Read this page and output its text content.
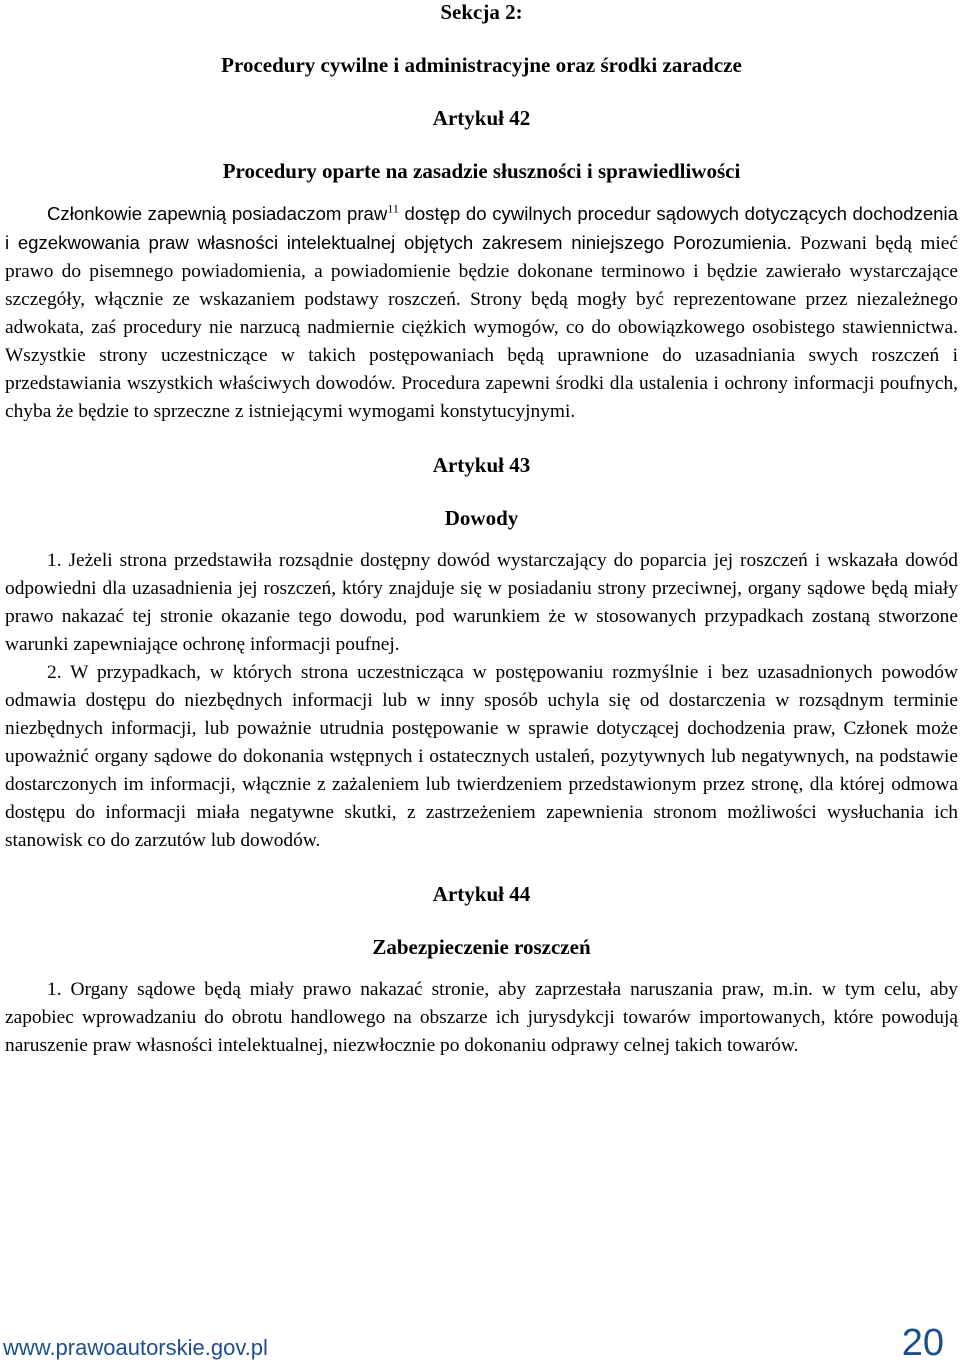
Sekcja 2:

Procedury cywilne i administracyjne oraz środki zaradcze

Artykuł 42

Procedury oparte na zasadzie słuszności i sprawiedliwości

Członkowie zapewnią posiadaczom praw$^{11}$ dostęp do cywilnych procedur sądowych dotyczących dochodzenia i egzekwowania praw własności intelektualnej objętych zakresem niniejszego Porozumienia. Pozwani będą mieć prawo do pisemnego powiadomienia, a powiadomienie będzie dokonane terminowo i będzie zawierało wystarczające szczegóły, włącznie ze wskazaniem podstawy roszczeń. Strony będą mogły być reprezentowane przez niezależnego adwokata, zaś procedury nie narzucą nadmiernie ciężkich wymogów, co do obowiązkowego osobistego stawiennictwa. Wszystkie strony uczestniczące w takich postępowaniach będą uprawnione do uzasadniania swych roszczeń i przedstawiania wszystkich właściwych dowodów. Procedura zapewni środki dla ustalenia i ochrony informacji poufnych, chyba że będzie to sprzeczne z istniejącymi wymogami konstytucyjnymi.

Artykuł 43

Dowody

1. Jeżeli strona przedstawiła rozsądnie dostępny dowód wystarczający do poparcia jej roszczeń i wskazała dowód odpowiedni dla uzasadnienia jej roszczeń, który znajduje się w posiadaniu strony przeciwnej, organy sądowe będą miały prawo nakazać tej stronie okazanie tego dowodu, pod warunkiem że w stosowanych przypadkach zostaną stworzone warunki zapewniające ochronę informacji poufnej.

2. W przypadkach, w których strona uczestnicząca w postępowaniu rozmyślnie i bez uzasadnionych powodów odmawia dostępu do niezbędnych informacji lub w inny sposób uchyla się od dostarczenia w rozsądnym terminie niezbędnych informacji, lub poważnie utrudnia postępowanie w sprawie dotyczącej dochodzenia praw, Członek może upoważnić organy sądowe do dokonania wstępnych i ostatecznych ustaleń, pozytywnych lub negatywnych, na podstawie dostarczonych im informacji, włącznie z zażaleniem lub twierdzeniem przedstawionym przez stronę, dla której odmowa dostępu do informacji miała negatywne skutki, z zastrzeżeniem zapewnienia stronom możliwości wysłuchania ich stanowisk co do zarzutów lub dowodów.

Artykuł 44

Zabezpieczenie roszczeń

1. Organy sądowe będą miały prawo nakazać stronie, aby zaprzestała naruszania praw, m.in. w tym celu, aby zapobiec wprowadzaniu do obrotu handlowego na obszarze ich jurysdykcji towarów importowanych, które powodują naruszenie praw własności intelektualnej, niezwłocznie po dokonaniu odprawy celnej takich towarów.

www.prawoautorskie.gov.pl	20
